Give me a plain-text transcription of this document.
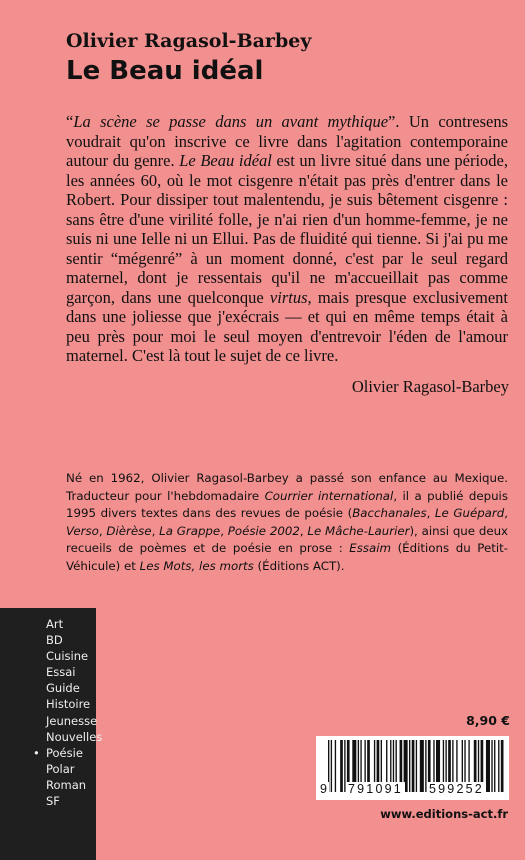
Olivier Ragasol-Barbey
Le Beau idéal

“La scène se passe dans un avant mythique”. Un contresens voudrait qu'on inscrive ce livre dans l'agitation contemporaine autour du genre. Le Beau idéal est un livre situé dans une période, les années 60, où le mot cisgenre n'était pas près d'entrer dans le Robert. Pour dissiper tout malentendu, je suis bêtement cisgenre : sans être d'une virilité folle, je n'ai rien d'un homme-femme, je ne suis ni une Ielle ni un Ellui. Pas de fluidité qui tienne. Si j'ai pu me sentir “mégenré” à un moment donné, c'est par le seul regard maternel, dont je ressentais qu'il ne m'accueillait pas comme garçon, dans une quelconque virtus, mais presque exclusivement dans une joliesse que j'exécrais — et qui en même temps était à peu près pour moi le seul moyen d'entrevoir l'éden de l'amour maternel. C'est là tout le sujet de ce livre.

Olivier Ragasol-Barbey

Né en 1962, Olivier Ragasol-Barbey a passé son enfance au Mexique. Traducteur pour l'hebdomadaire Courrier international, il a publié depuis 1995 divers textes dans des revues de poésie (Bacchanales, Le Guépard, Verso, Dièrèse, La Grappe, Poésie 2002, Le Mâche-Laurier), ainsi que deux recueils de poèmes et de poésie en prose : Essaim (Éditions du Petit-Véhicule) et Les Mots, les morts (Éditions ACT).

Art
BD
Cuisine
Essai
Guide
Histoire
Jeunesse
Nouvelles
• Poésie
Polar
Roman
SF
8,90 €
9 791091 599252
www.editions-act.fr
